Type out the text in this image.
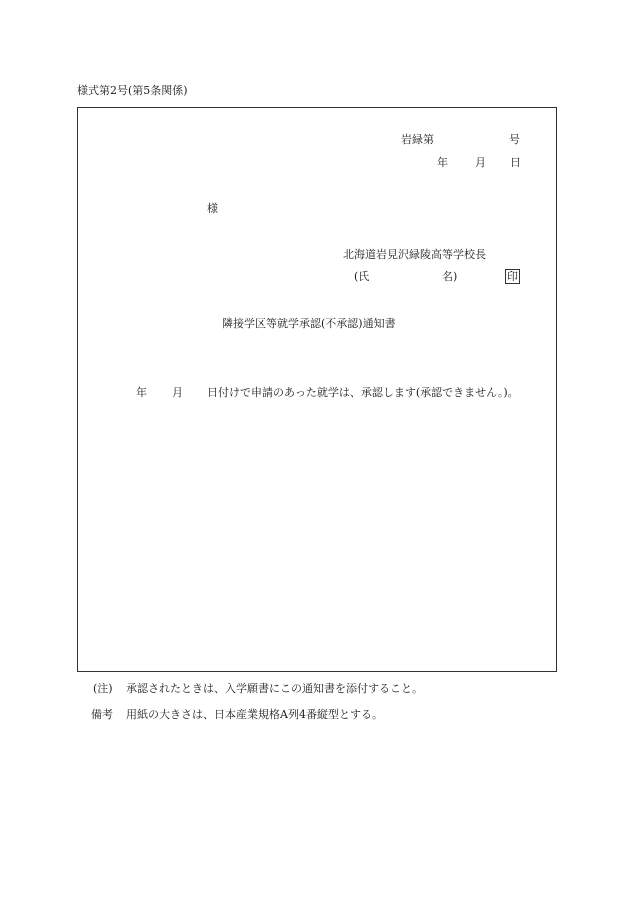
様式第2号(第5条関係)
岩緑第	号
年 月 日
様
北海道岩見沢緑陵高等学校長
(氏	名)	印
隣接学区等就学承認(不承認)通知書
年 月 日付けで申請のあった就学は、承認します(承認できません。)。
(注) 承認されたときは、入学願書にこの通知書を添付すること。
備考 用紙の大きさは、日本産業規格A列4番縦型とする。
